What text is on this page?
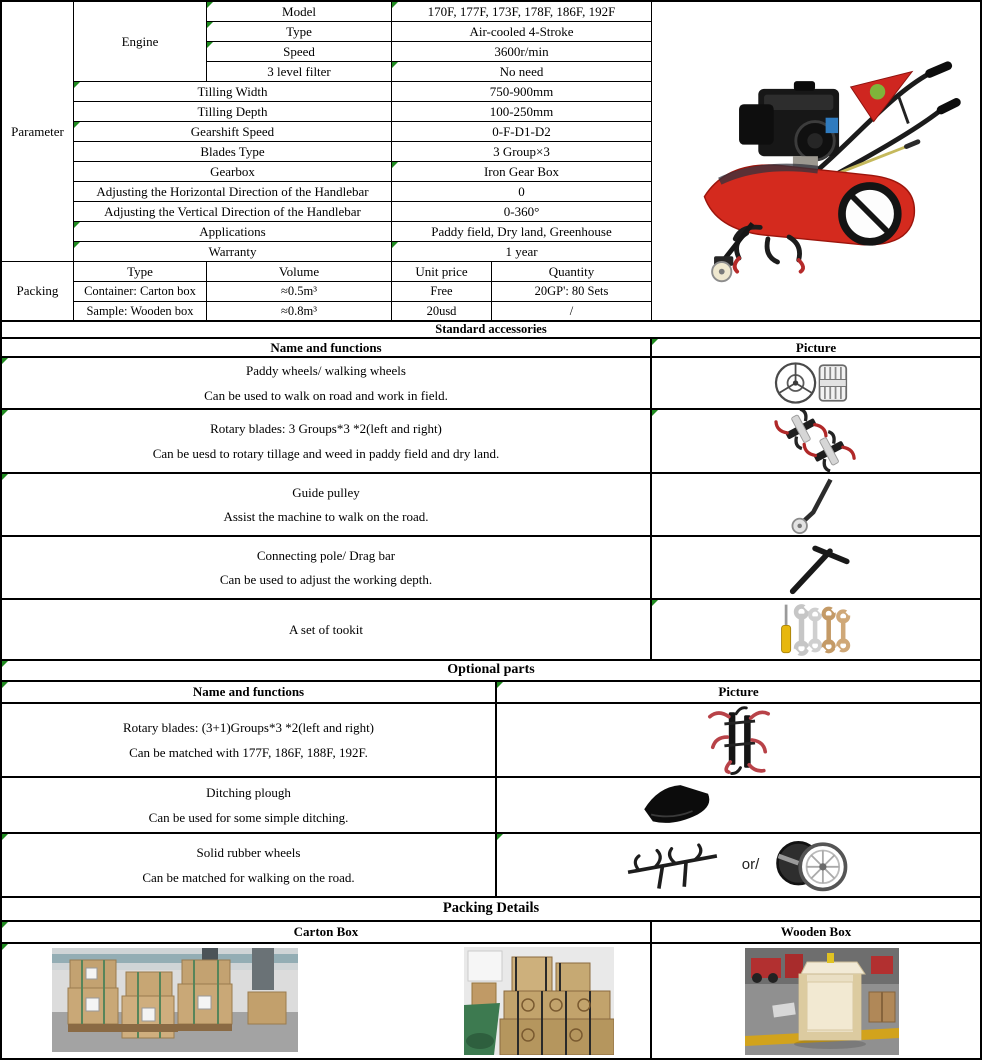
Parameter
Engine
Model	170F, 177F, 173F, 178F, 186F, 192F
Type	Air-cooled 4-Stroke
Speed	3600r/min
3 level filter	No need
Tilling Width	750-900mm
Tilling Depth	100-250mm
Gearshift Speed	0-F-D1-D2
Blades Type	3 Group×3
Gearbox	Iron Gear Box
Adjusting the Horizontal Direction of the Handlebar	0
Adjusting the Vertical Direction of the Handlebar	0-360°
Applications	Paddy field, Dry land, Greenhouse
Warranty	1 year
Packing
Type	Volume	Unit price	Quantity
Container: Carton box	≈0.5m³	Free	20GP': 80 Sets
Sample: Wooden box	≈0.8m³	20usd	/
Standard accessories
Name and functions	Picture
Paddy wheels/ walking wheels
Can be used to walk on road and work in field.
Rotary blades: 3 Groups*3 *2(left and right)
Can be uesd to rotary tillage and weed in paddy field and dry land.
Guide pulley
Assist the machine to walk on the road.
Connecting pole/ Drag bar
Can be used to adjust the working depth.
A set of tookit
Optional parts
Name and functions	Picture
Rotary blades: (3+1)Groups*3 *2(left and right)
Can be matched with 177F, 186F, 188F, 192F.
Ditching plough
Can be used for some simple ditching.
Solid rubber wheels
Can be matched for walking on the road.
or/
Packing Details
Carton Box	Wooden Box
